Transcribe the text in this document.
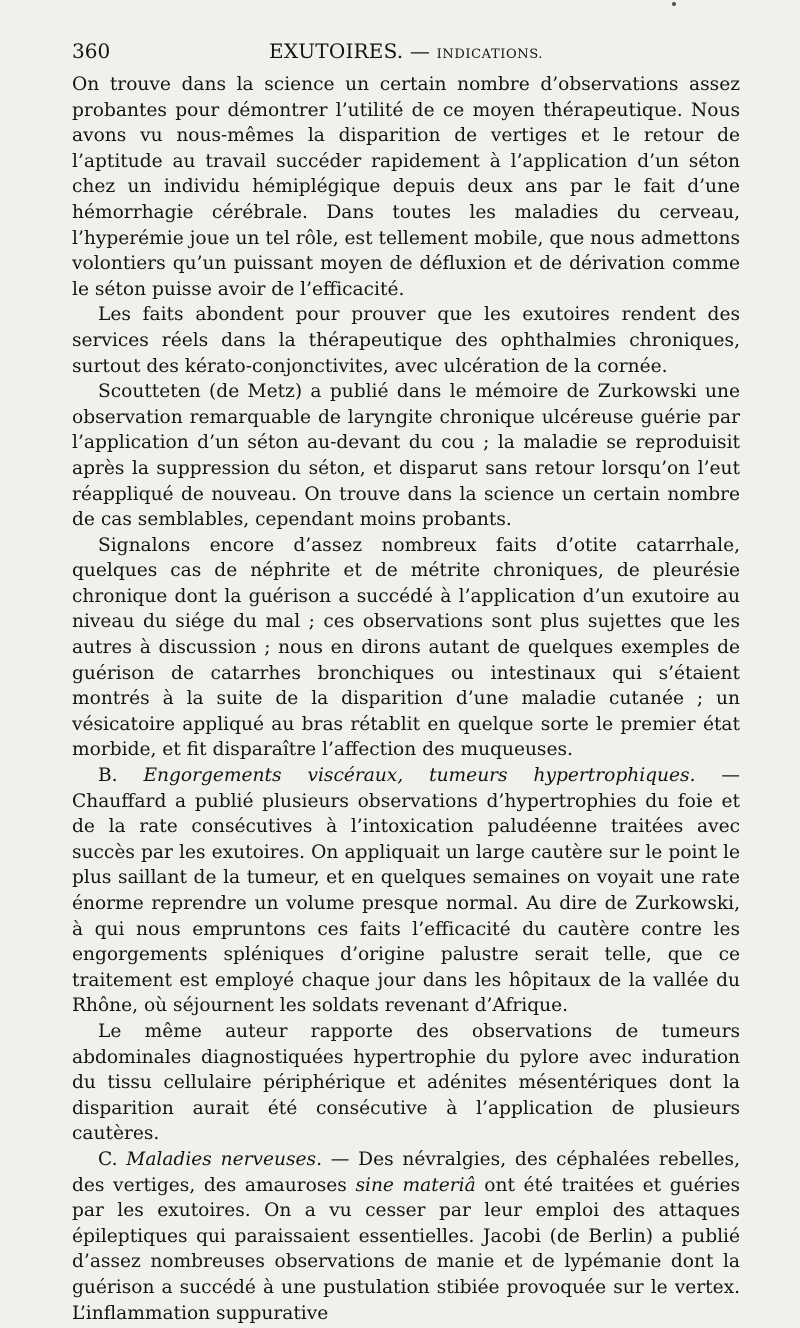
360	EXUTOIRES. — INDICATIONS.

On trouve dans la science un certain nombre d’observations assez probantes pour démontrer l’utilité de ce moyen thérapeutique. Nous avons vu nous-mêmes la disparition de vertiges et le retour de l’aptitude au travail succéder rapidement à l’application d’un séton chez un individu hémiplégique depuis deux ans par le fait d’une hémorrhagie cérébrale. Dans toutes les maladies du cerveau, l’hyperémie joue un tel rôle, est tellement mobile, que nous admettons volontiers qu’un puissant moyen de défluxion et de dérivation comme le séton puisse avoir de l’efficacité.

Les faits abondent pour prouver que les exutoires rendent des services réels dans la thérapeutique des ophthalmies chroniques, surtout des kérato-conjonctivites, avec ulcération de la cornée.

Scoutteten (de Metz) a publié dans le mémoire de Zurkowski une observation remarquable de laryngite chronique ulcéreuse guérie par l’application d’un séton au-devant du cou ; la maladie se reproduisit après la suppression du séton, et disparut sans retour lorsqu’on l’eut réappliqué de nouveau. On trouve dans la science un certain nombre de cas semblables, cependant moins probants.

Signalons encore d’assez nombreux faits d’otite catarrhale, quelques cas de néphrite et de métrite chroniques, de pleurésie chronique dont la guérison a succédé à l’application d’un exutoire au niveau du siége du mal ; ces observations sont plus sujettes que les autres à discussion ; nous en dirons autant de quelques exemples de guérison de catarrhes bronchiques ou intestinaux qui s’étaient montrés à la suite de la disparition d’une maladie cutanée ; un vésicatoire appliqué au bras rétablit en quelque sorte le premier état morbide, et fit disparaître l’affection des muqueuses.

B. Engorgements viscéraux, tumeurs hypertrophiques. — Chauffard a publié plusieurs observations d’hypertrophies du foie et de la rate consécutives à l’intoxication paludéenne traitées avec succès par les exutoires. On appliquait un large cautère sur le point le plus saillant de la tumeur, et en quelques semaines on voyait une rate énorme reprendre un volume presque normal. Au dire de Zurkowski, à qui nous empruntons ces faits l’efficacité du cautère contre les engorgements spléniques d’origine palustre serait telle, que ce traitement est employé chaque jour dans les hôpitaux de la vallée du Rhône, où séjournent les soldats revenant d’Afrique.

Le même auteur rapporte des observations de tumeurs abdominales diagnostiquées hypertrophie du pylore avec induration du tissu cellulaire périphérique et adénites mésentériques dont la disparition aurait été consécutive à l’application de plusieurs cautères.

C. Maladies nerveuses. — Des névralgies, des céphalées rebelles, des vertiges, des amauroses sine materiâ ont été traitées et guéries par les exutoires. On a vu cesser par leur emploi des attaques épileptiques qui paraissaient essentielles. Jacobi (de Berlin) a publié d’assez nombreuses observations de manie et de lypémanie dont la guérison a succédé à une pustulation stibiée provoquée sur le vertex. L’inflammation suppurative
